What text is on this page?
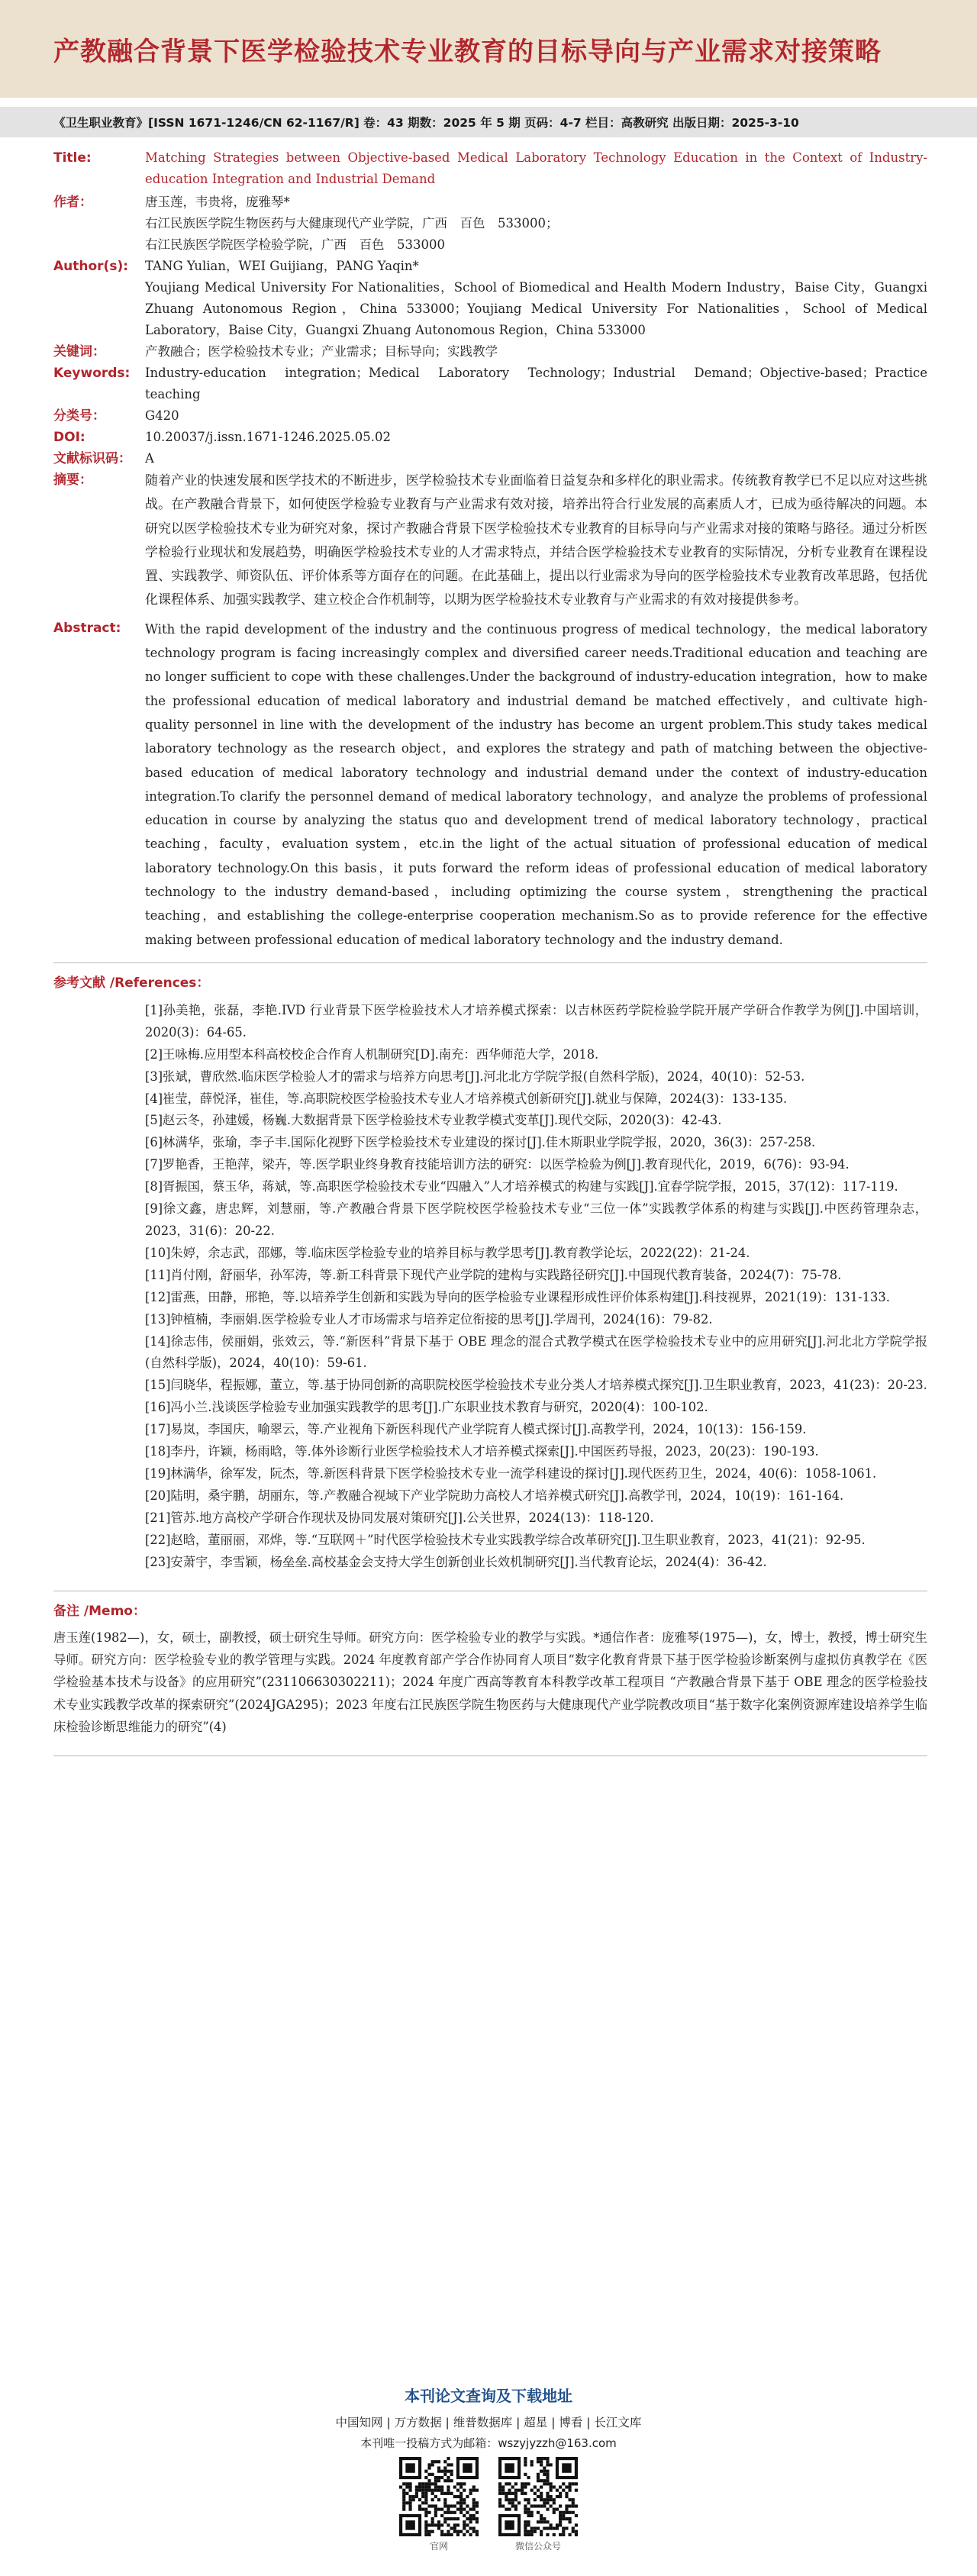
产教融合背景下医学检验技术专业教育的目标导向与产业需求对接策略
《卫生职业教育》[ISSN 1671-1246/CN 62-1167/R] 卷：43 期数：2025 年 5 期 页码：4-7 栏目：高教研究 出版日期：2025-3-10
Title:	Matching Strategies between Objective-based Medical Laboratory Technology Education in the Context of Industry-education Integration and Industrial Demand
作者：	唐玉莲，韦贵将，庞雅琴*

右江民族医学院生物医药与大健康现代产业学院，广西　百色　533000；

右江民族医学院医学检验学院，广西　百色　533000

Author(s):	TANG Yulian，WEI Guijiang，PANG Yaqin*

Youjiang Medical University For Nationalities，School of Biomedical and Health Modern Industry，Baise City，Guangxi Zhuang Autonomous Region，China 533000；Youjiang Medical University For Nationalities，School of Medical Laboratory，Baise City，Guangxi Zhuang Autonomous Region，China 533000

关键词：	产教融合；医学检验技术专业；产业需求；目标导向；实践教学
Keywords:	Industry-education integration；Medical Laboratory Technology；Industrial Demand；Objective-based；Practice teaching
分类号：	G420
DOI:	10.20037/j.issn.1671-1246.2025.05.02
文献标识码：	A
摘要：	随着产业的快速发展和医学技术的不断进步，医学检验技术专业面临着日益复杂和多样化的职业需求。传统教育教学已不足以应对这些挑战。在产教融合背景下，如何使医学检验专业教育与产业需求有效对接，培养出符合行业发展的高素质人才，已成为亟待解决的问题。本研究以医学检验技术专业为研究对象，探讨产教融合背景下医学检验技术专业教育的目标导向与产业需求对接的策略与路径。通过分析医学检验行业现状和发展趋势，明确医学检验技术专业的人才需求特点，并结合医学检验技术专业教育的实际情况，分析专业教育在课程设置、实践教学、师资队伍、评价体系等方面存在的问题。在此基础上，提出以行业需求为导向的医学检验技术专业教育改革思路，包括优化课程体系、加强实践教学、建立校企合作机制等，以期为医学检验技术专业教育与产业需求的有效对接提供参考。
Abstract:	With the rapid development of the industry and the continuous progress of medical technology，the medical laboratory technology program is facing increasingly complex and diversified career needs.Traditional education and teaching are no longer sufficient to cope with these challenges.Under the background of industry-education integration，how to make the professional education of medical laboratory and industrial demand be matched effectively，and cultivate high-quality personnel in line with the development of the industry has become an urgent problem.This study takes medical laboratory technology as the research object，and explores the strategy and path of matching between the objective-based education of medical laboratory technology and industrial demand under the context of industry-education integration.To clarify the personnel demand of medical laboratory technology，and analyze the problems of professional education in course by analyzing the status quo and development trend of medical laboratory technology，practical teaching，faculty，evaluation system，etc.in the light of the actual situation of professional education of medical laboratory technology.On this basis，it puts forward the reform ideas of professional education of medical laboratory technology to the industry demand-based，including optimizing the course system，strengthening the practical teaching，and establishing the college-enterprise cooperation mechanism.So as to provide reference for the effective making between professional education of medical laboratory technology and the industry demand.
参考文献 /References：
[1]孙美艳，张磊，李艳.IVD 行业背景下医学检验技术人才培养模式探索：以吉林医药学院检验学院开展产学研合作教学为例[J].中国培训，2020(3)：64-65.
[2]王咏梅.应用型本科高校校企合作育人机制研究[D].南充：西华师范大学，2018.
[3]张斌，曹欣然.临床医学检验人才的需求与培养方向思考[J].河北北方学院学报(自然科学版)，2024，40(10)：52-53.
[4]崔莹，薛悦泽，崔佳，等.高职院校医学检验技术专业人才培养模式创新研究[J].就业与保障，2024(3)：133-135.
[5]赵云冬，孙建媛，杨巍.大数据背景下医学检验技术专业教学模式变革[J].现代交际，2020(3)：42-43.
[6]林满华，张瑜，李子丰.国际化视野下医学检验技术专业建设的探讨[J].佳木斯职业学院学报，2020，36(3)：257-258.
[7]罗艳香，王艳萍，梁卉，等.医学职业终身教育技能培训方法的研究：以医学检验为例[J].教育现代化，2019，6(76)：93-94.
[8]胥振国，蔡玉华，蒋斌，等.高职医学检验技术专业“四融入”人才培养模式的构建与实践[J].宜春学院学报，2015，37(12)：117-119.
[9]徐文鑫，唐忠辉，刘慧丽，等.产教融合背景下医学院校医学检验技术专业“三位一体”实践教学体系的构建与实践[J].中医药管理杂志，2023，31(6)：20-22.
[10]朱婷，余志武，邵娜，等.临床医学检验专业的培养目标与教学思考[J].教育教学论坛，2022(22)：21-24.
[11]肖付刚，舒丽华，孙军涛，等.新工科背景下现代产业学院的建构与实践路径研究[J].中国现代教育装备，2024(7)：75-78.
[12]雷燕，田静，邢艳，等.以培养学生创新和实践为导向的医学检验专业课程形成性评价体系构建[J].科技视界，2021(19)：131-133.
[13]钟植楠，李丽娟.医学检验专业人才市场需求与培养定位衔接的思考[J].学周刊，2024(16)：79-82.
[14]徐志伟，侯丽娟，张效云，等.“新医科”背景下基于 OBE 理念的混合式教学模式在医学检验技术专业中的应用研究[J].河北北方学院学报(自然科学版)，2024，40(10)：59-61.
[15]闫晓华，程振娜，董立，等.基于协同创新的高职院校医学检验技术专业分类人才培养模式探究[J].卫生职业教育，2023，41(23)：20-23.
[16]冯小兰.浅谈医学检验专业加强实践教学的思考[J].广东职业技术教育与研究，2020(4)：100-102.
[17]易岚，李国庆，喻翠云，等.产业视角下新医科现代产业学院育人模式探讨[J].高教学刊，2024，10(13)：156-159.
[18]李丹，许颖，杨雨晗，等.体外诊断行业医学检验技术人才培养模式探索[J].中国医药导报，2023，20(23)：190-193.
[19]林满华，徐军发，阮杰，等.新医科背景下医学检验技术专业一流学科建设的探讨[J].现代医药卫生，2024，40(6)：1058-1061.
[20]陆明，桑宇鹏，胡丽东，等.产教融合视域下产业学院助力高校人才培养模式研究[J].高教学刊，2024，10(19)：161-164.
[21]管苏.地方高校产学研合作现状及协同发展对策研究[J].公关世界，2024(13)：118-120.
[22]赵晗，董丽丽，邓烨，等.“互联网＋”时代医学检验技术专业实践教学综合改革研究[J].卫生职业教育，2023，41(21)：92-95.
[23]安萧宇，李雪颖，杨垒垒.高校基金会支持大学生创新创业长效机制研究[J].当代教育论坛，2024(4)：36-42.
备注 /Memo：
唐玉莲(1982—)，女，硕士，副教授，硕士研究生导师。研究方向：医学检验专业的教学与实践。*通信作者：庞雅琴(1975—)，女，博士，教授，博士研究生导师。研究方向：医学检验专业的教学管理与实践。2024 年度教育部产学合作协同育人项目“数字化教育背景下基于医学检验诊断案例与虚拟仿真教学在《医学检验基本技术与设备》的应用研究”(231106630302211)；2024 年度广西高等教育本科教学改革工程项目 “产教融合背景下基于 OBE 理念的医学检验技术专业实践教学改革的探索研究”(2024JGA295)；2023 年度右江民族医学院生物医药与大健康现代产业学院教改项目“基于数字化案例资源库建设培养学生临床检验诊断思维能力的研究”(4)
本刊论文查询及下载地址
中国知网 | 万方数据 | 维普数据库 | 超星 | 博看 | 长江文库
本刊唯一投稿方式为邮箱：wszyjyzzh@163.com
官网	微信公众号
